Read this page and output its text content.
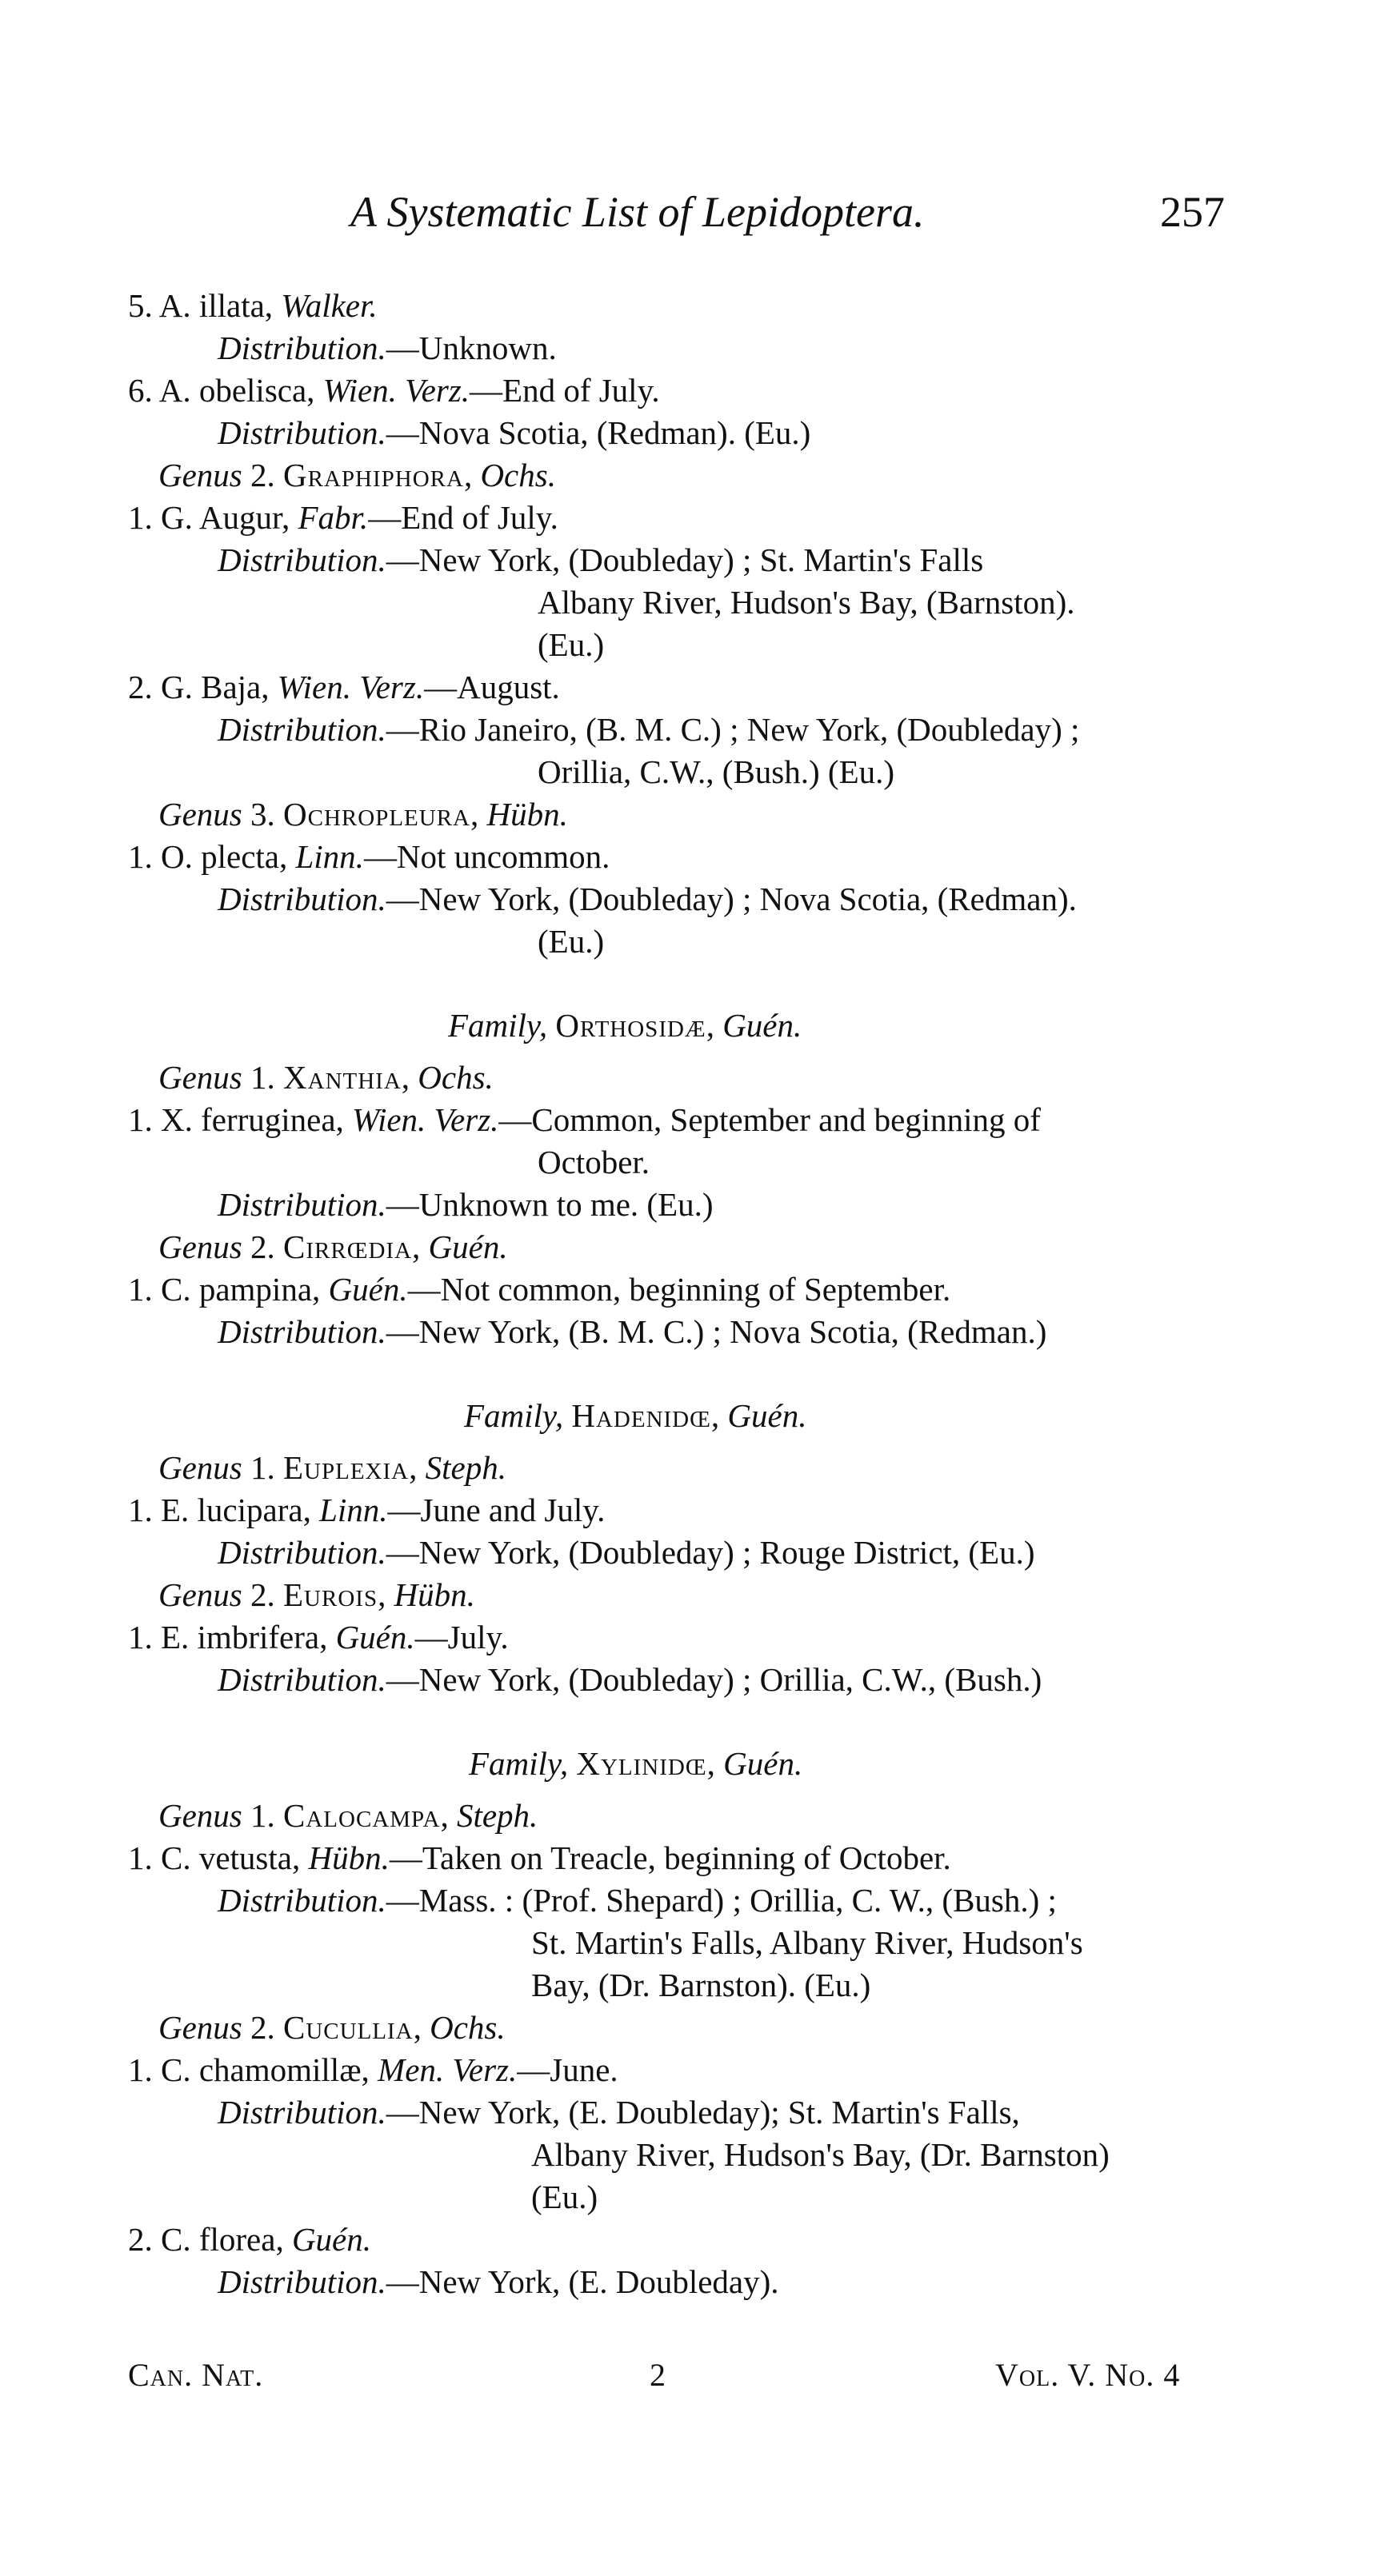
A Systematic List of Lepidoptera.	257
5. A. illata, Walker.
Distribution.—Unknown.
6. A. obelisca, Wien. Verz.—End of July.
Distribution.—Nova Scotia, (Redman). (Eu.)
Genus 2. Graphiphora, Ochs.
1. G. Augur, Fabr.—End of July.
Distribution.—New York, (Doubleday) ; St. Martin's Falls
Albany River, Hudson's Bay, (Barnston).
(Eu.)
2. G. Baja, Wien. Verz.—August.
Distribution.—Rio Janeiro, (B. M. C.) ; New York, (Doubleday) ;
Orillia, C.W., (Bush.) (Eu.)
Genus 3. Ochropleura, Hübn.
1. O. plecta, Linn.—Not uncommon.
Distribution.—New York, (Doubleday) ; Nova Scotia, (Redman).
(Eu.)
Family, Orthosidæ, Guén.
Genus 1. Xanthia, Ochs.
1. X. ferruginea, Wien. Verz.—Common, September and beginning of
October.
Distribution.—Unknown to me. (Eu.)
Genus 2. Cirrœdia, Guén.
1. C. pampina, Guén.—Not common, beginning of September.
Distribution.—New York, (B. M. C.) ; Nova Scotia, (Redman.)
Family, Hadenidœ, Guén.
Genus 1. Euplexia, Steph.
1. E. lucipara, Linn.—June and July.
Distribution.—New York, (Doubleday) ; Rouge District, (Eu.)
Genus 2. Eurois, Hübn.
1. E. imbrifera, Guén.—July.
Distribution.—New York, (Doubleday) ; Orillia, C.W., (Bush.)
Family, Xylinidœ, Guén.
Genus 1. Calocampa, Steph.
1. C. vetusta, Hübn.—Taken on Treacle, beginning of October.
Distribution.—Mass. : (Prof. Shepard) ; Orillia, C. W., (Bush.) ;
St. Martin's Falls, Albany River, Hudson's
Bay, (Dr. Barnston). (Eu.)
Genus 2. Cucullia, Ochs.
1. C. chamomillæ, Men. Verz.—June.
Distribution.—New York, (E. Doubleday); St. Martin's Falls,
Albany River, Hudson's Bay, (Dr. Barnston)
(Eu.)
2. C. florea, Guén.
Distribution.—New York, (E. Doubleday).
Can. Nat.	2	Vol. V. No. 4
